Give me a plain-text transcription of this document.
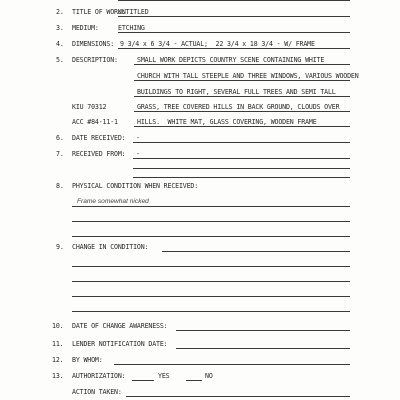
2. TITLE OF WORK:
UNTITLED
3. MEDIUM:	ETCHING
4. DIMENSIONS: 9 3/4 x 6 3/4 - ACTUAL;  22 3/4 x 18 3/4 - W/ FRAME
5. DESCRIPTION:	SMALL WORK DEPICTS COUNTRY SCENE CONTAINING WHITE
CHURCH WITH TALL STEEPLE AND THREE WINDOWS, VARIOUS WOODEN
BUILDINGS TO RIGHT, SEVERAL FULL TREES AND SEMI TALL
KIU 70312	GRASS, TREE COVERED HILLS IN BACK GROUND, CLOUDS OVER
ACC #84-11-1	HILLS.  WHITE MAT, GLASS COVERING, WOODEN FRAME
6. DATE RECEIVED: -
7. RECEIVED FROM: -
8. PHYSICAL CONDITION WHEN RECEIVED:
Frame somewhat nicked
9. CHANGE IN CONDITION:
10. DATE OF CHANGE AWARENESS:
11. LENDER NOTIFICATION DATE:
12. BY WHOM:
13. AUTHORIZATION:	YES	NO
ACTION TAKEN:
